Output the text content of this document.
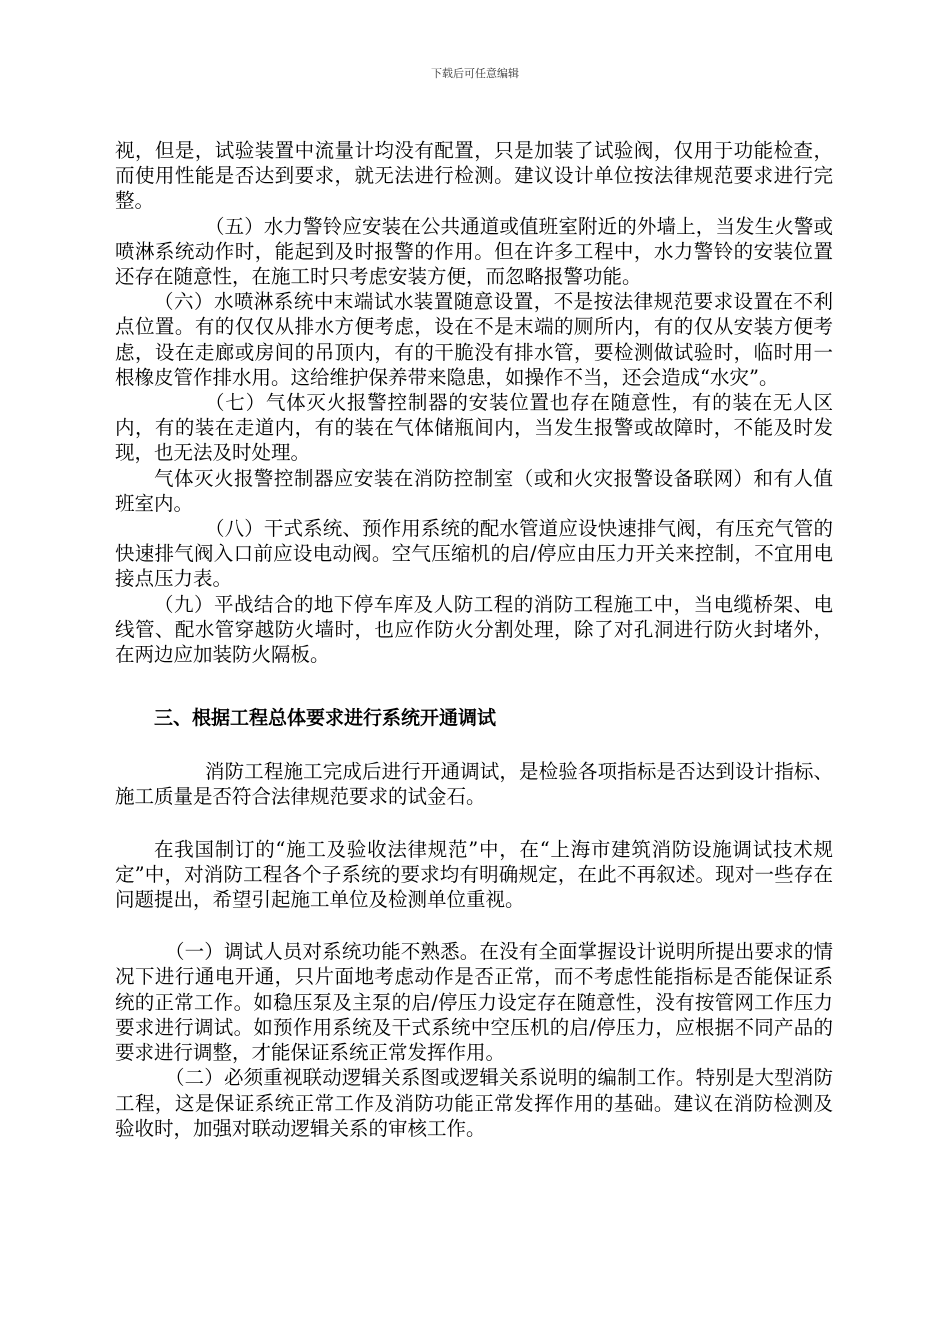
下载后可任意编辑

视，但是，试验装置中流量计均没有配置，只是加装了试验阀，仅用于功能检查，而使用性能是否达到要求，就无法进行检测。建议设计单位按法律规范要求进行完整。

（五）水力警铃应安装在公共通道或值班室附近的外墙上，当发生火警或喷淋系统动作时，能起到及时报警的作用。但在许多工程中，水力警铃的安装位置还存在随意性，在施工时只考虑安装方便，而忽略报警功能。

（六）水喷淋系统中末端试水装置随意设置，不是按法律规范要求设置在不利点位置。有的仅仅从排水方便考虑，设在不是末端的厕所内，有的仅从安装方便考虑，设在走廊或房间的吊顶内，有的干脆没有排水管，要检测做试验时，临时用一根橡皮管作排水用。这给维护保养带来隐患，如操作不当，还会造成“水灾”。

（七）气体灭火报警控制器的安装位置也存在随意性，有的装在无人区内，有的装在走道内，有的装在气体储瓶间内，当发生报警或故障时，不能及时发现，也无法及时处理。

气体灭火报警控制器应安装在消防控制室（或和火灾报警设备联网）和有人值班室内。

（八）干式系统、预作用系统的配水管道应设快速排气阀，有压充气管的快速排气阀入口前应设电动阀。空气压缩机的启/停应由压力开关来控制，不宜用电接点压力表。

（九）平战结合的地下停车库及人防工程的消防工程施工中，当电缆桥架、电线管、配水管穿越防火墙时，也应作防火分割处理，除了对孔洞进行防火封堵外，在两边应加装防火隔板。

三、根据工程总体要求进行系统开通调试

消防工程施工完成后进行开通调试，是检验各项指标是否达到设计指标、施工质量是否符合法律规范要求的试金石。

在我国制订的“施工及验收法律规范”中，在“上海市建筑消防设施调试技术规定”中，对消防工程各个子系统的要求均有明确规定，在此不再叙述。现对一些存在问题提出，希望引起施工单位及检测单位重视。

（一）调试人员对系统功能不熟悉。在没有全面掌握设计说明所提出要求的情况下进行通电开通，只片面地考虑动作是否正常，而不考虑性能指标是否能保证系统的正常工作。如稳压泵及主泵的启/停压力设定存在随意性，没有按管网工作压力要求进行调试。如预作用系统及干式系统中空压机的启/停压力，应根据不同产品的要求进行调整，才能保证系统正常发挥作用。

（二）必须重视联动逻辑关系图或逻辑关系说明的编制工作。特别是大型消防工程，这是保证系统正常工作及消防功能正常发挥作用的基础。建议在消防检测及验收时，加强对联动逻辑关系的审核工作。
